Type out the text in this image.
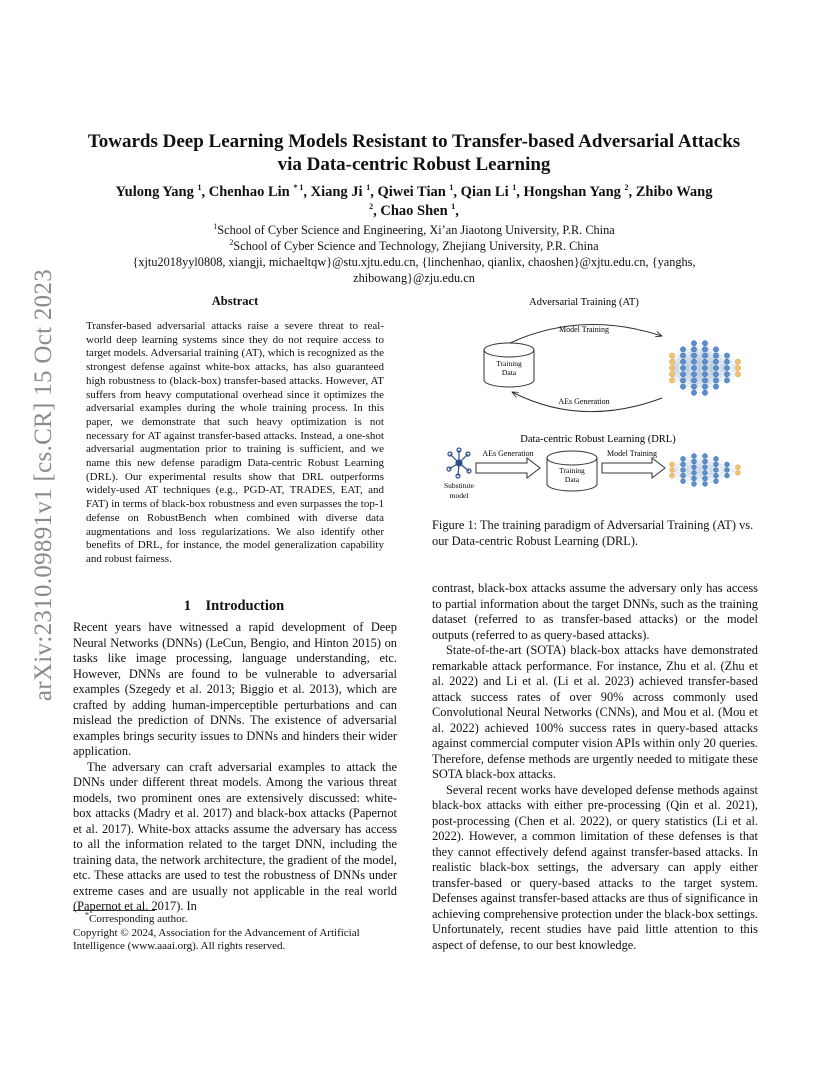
arXiv:2310.09891v1 [cs.CR] 15 Oct 2023
Towards Deep Learning Models Resistant to Transfer-based Adversarial Attacks
via Data-centric Robust Learning
Yulong Yang $^1$, Chenhao Lin $^{* 1}$, Xiang Ji $^1$, Qiwei Tian $^1$, Qian Li $^1$, Hongshan Yang $^2$, Zhibo Wang
$^2$, Chao Shen $^1$,
$^1$School of Cyber Science and Engineering, Xi’an Jiaotong University, P.R. China
$^2$School of Cyber Science and Technology, Zhejiang University, P.R. China
{xjtu2018yyl0808, xiangji, michaeltqw}@stu.xjtu.edu.cn, {linchenhao, qianlix, chaoshen}@xjtu.edu.cn, {yanghs,
zhibowang}@zju.edu.cn
Abstract
Transfer-based adversarial attacks raise a severe threat to real-world deep learning systems since they do not require access to target models. Adversarial training (AT), which is recognized as the strongest defense against white-box attacks, has also guaranteed high robustness to (black-box) transfer-based attacks. However, AT suffers from heavy computational overhead since it optimizes the adversarial examples during the whole training process. In this paper, we demonstrate that such heavy optimization is not necessary for AT against transfer-based attacks. Instead, a one-shot adversarial augmentation prior to training is sufficient, and we name this new defense paradigm Data-centric Robust Learning (DRL). Our experimental results show that DRL outperforms widely-used AT techniques (e.g., PGD-AT, TRADES, EAT, and FAT) in terms of black-box robustness and even surpasses the top-1 defense on RobustBench when combined with diverse data augmentations and loss regularizations. We also identify other benefits of DRL, for instance, the model generalization capability and robust fairness.
1    Introduction

Recent years have witnessed a rapid development of Deep Neural Networks (DNNs) (LeCun, Bengio, and Hinton 2015) on tasks like image processing, language understanding, etc. However, DNNs are found to be vulnerable to adversarial examples (Szegedy et al. 2013; Biggio et al. 2013), which are crafted by adding human-imperceptible perturbations and can mislead the prediction of DNNs. The existence of adversarial examples brings security issues to DNNs and hinders their wider application.

The adversary can craft adversarial examples to attack the DNNs under different threat models. Among the various threat models, two prominent ones are extensively discussed: white-box attacks (Madry et al. 2017) and black-box attacks (Papernot et al. 2017). White-box attacks assume the adversary has access to all the information related to the target DNN, including the training data, the network architecture, the gradient of the model, etc. These attacks are used to test the robustness of DNNs under extreme cases and are usually not applicable in the real world (Papernot et al. 2017). In

*Corresponding author.
Copyright © 2024, Association for the Advancement of Artificial Intelligence (www.aaai.org). All rights reserved.
Adversarial Training (AT)
Model Training
AEs Generation
Training
Data
Data-centric Robust Learning (DRL)
Substitute
model
AEs Generation
Training
Data
Model Training
Figure 1: The training paradigm of Adversarial Training (AT) vs. our Data-centric Robust Learning (DRL).

contrast, black-box attacks assume the adversary only has access to partial information about the target DNNs, such as the training dataset (referred to as transfer-based attacks) or the model outputs (referred to as query-based attacks).

State-of-the-art (SOTA) black-box attacks have demonstrated remarkable attack performance. For instance, Zhu et al. (Zhu et al. 2022) and Li et al. (Li et al. 2023) achieved transfer-based attack success rates of over 90% across commonly used Convolutional Neural Networks (CNNs), and Mou et al. (Mou et al. 2022) achieved 100% success rates in query-based attacks against commercial computer vision APIs within only 20 queries. Therefore, defense methods are urgently needed to mitigate these SOTA black-box attacks.

Several recent works have developed defense methods against black-box attacks with either pre-processing (Qin et al. 2021), post-processing (Chen et al. 2022), or query statistics (Li et al. 2022). However, a common limitation of these defenses is that they cannot effectively defend against transfer-based attacks. In realistic black-box settings, the adversary can apply either transfer-based or query-based attacks to the target system. Defenses against transfer-based attacks are thus of significance in achieving comprehensive protection under the black-box settings. Unfortunately, recent studies have paid little attention to this aspect of defense, to our best knowledge.
